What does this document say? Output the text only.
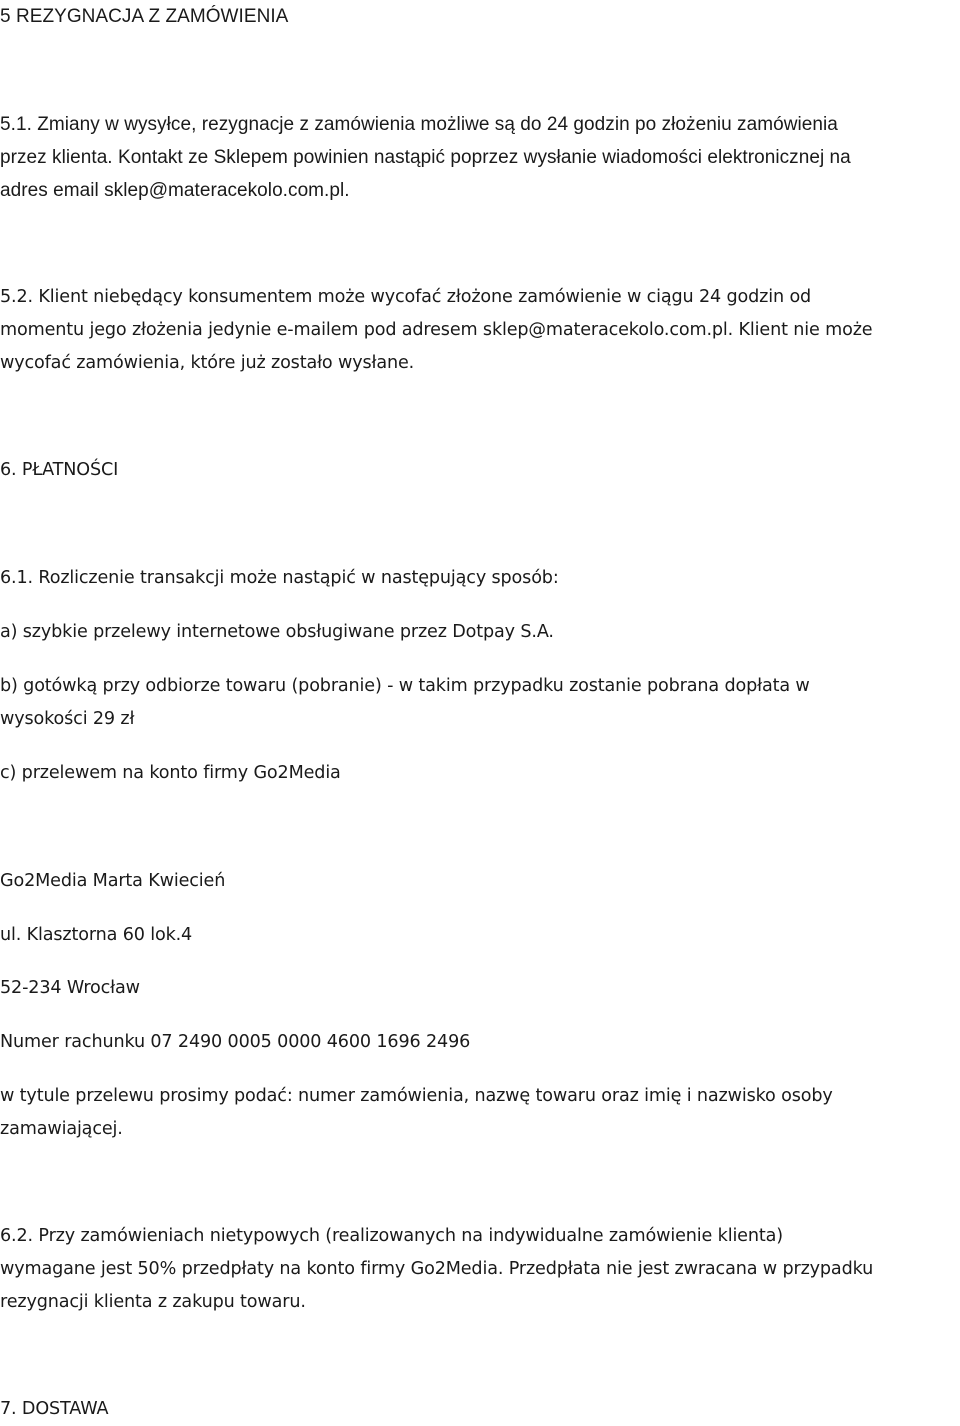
5 REZYGNACJA Z ZAMÓWIENIA
5.1. Zmiany w wysyłce, rezygnacje z zamówienia możliwe są do 24 godzin po złożeniu zamówienia
przez klienta. Kontakt ze Sklepem powinien nastąpić poprzez wysłanie wiadomości elektronicznej na
adres email sklep@materacekolo.com.pl.
5.2. Klient niebędący konsumentem może wycofać złożone zamówienie w ciągu 24 godzin od
momentu jego złożenia jedynie e-mailem pod adresem sklep@materacekolo.com.pl. Klient nie może
wycofać zamówienia, które już zostało wysłane.
6. PŁATNOŚCI
6.1. Rozliczenie transakcji może nastąpić w następujący sposób:
a) szybkie przelewy internetowe obsługiwane przez Dotpay S.A.
b) gotówką przy odbiorze towaru (pobranie) - w takim przypadku zostanie pobrana dopłata w
wysokości 29 zł
c) przelewem na konto firmy Go2Media
Go2Media Marta Kwiecień
ul. Klasztorna 60 lok.4
52-234 Wrocław
Numer rachunku 07 2490 0005 0000 4600 1696 2496
w tytule przelewu prosimy podać: numer zamówienia, nazwę towaru oraz imię i nazwisko osoby
zamawiającej.
6.2. Przy zamówieniach nietypowych (realizowanych na indywidualne zamówienie klienta)
wymagane jest 50% przedpłaty na konto firmy Go2Media. Przedpłata nie jest zwracana w przypadku
rezygnacji klienta z zakupu towaru.
7. DOSTAWA
